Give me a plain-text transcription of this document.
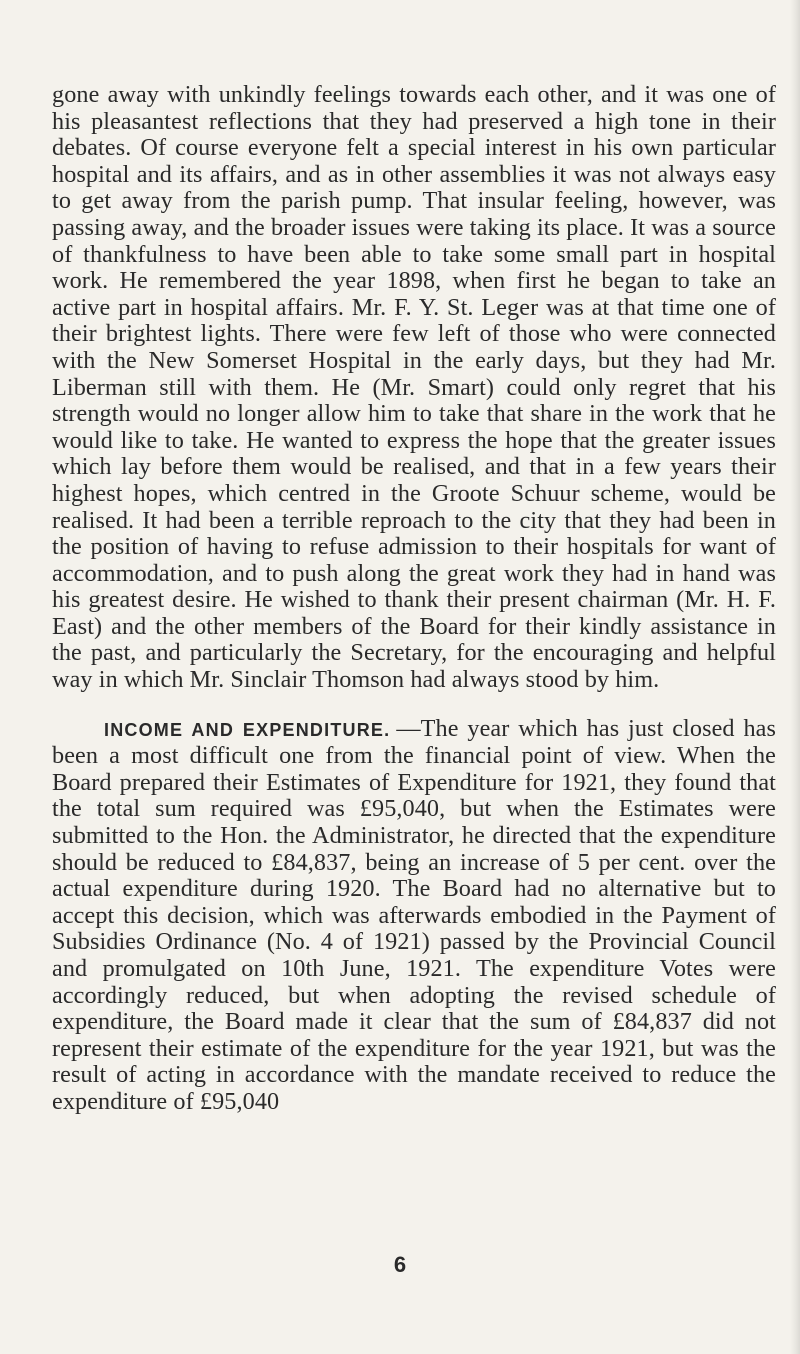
gone away with unkindly feelings towards each other, and it was one of his pleasantest reflections that they had preserved a high tone in their debates. Of course everyone felt a special interest in his own particular hospital and its affairs, and as in other assemblies it was not always easy to get away from the parish pump. That insular feeling, however, was passing away, and the broader issues were taking its place. It was a source of thankfulness to have been able to take some small part in hospital work. He remembered the year 1898, when first he began to take an active part in hospital affairs. Mr. F. Y. St. Leger was at that time one of their brightest lights. There were few left of those who were connected with the New Somerset Hospital in the early days, but they had Mr. Liberman still with them. He (Mr. Smart) could only regret that his strength would no longer allow him to take that share in the work that he would like to take. He wanted to express the hope that the greater issues which lay before them would be realised, and that in a few years their highest hopes, which centred in the Groote Schuur scheme, would be realised. It had been a terrible reproach to the city that they had been in the position of having to refuse admission to their hospitals for want of accommodation, and to push along the great work they had in hand was his greatest desire. He wished to thank their present chairman (Mr. H. F. East) and the other members of the Board for their kindly assistance in the past, and particularly the Secretary, for the encouraging and helpful way in which Mr. Sinclair Thomson had always stood by him.

INCOME AND EXPENDITURE. —The year which has just closed has been a most difficult one from the financial point of view. When the Board prepared their Estimates of Expenditure for 1921, they found that the total sum required was £95,040, but when the Estimates were submitted to the Hon. the Administrator, he directed that the expenditure should be reduced to £84,837, being an increase of 5 per cent. over the actual expenditure during 1920. The Board had no alternative but to accept this decision, which was afterwards embodied in the Payment of Subsidies Ordinance (No. 4 of 1921) passed by the Provincial Council and promulgated on 10th June, 1921. The expenditure Votes were accordingly reduced, but when adopting the revised schedule of expenditure, the Board made it clear that the sum of £84,837 did not represent their estimate of the expenditure for the year 1921, but was the result of acting in accordance with the mandate received to reduce the expenditure of £95,040

6
